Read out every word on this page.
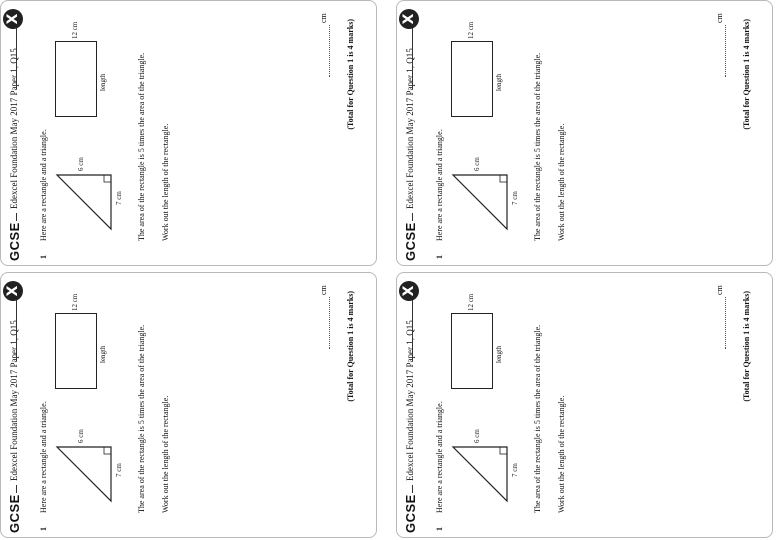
GCSE
Edexcel Foundation May 2017 Paper 1, Q15
X
1
Here are a rectangle and a triangle.	6 cm
7 cm
12 cm
length	The area of the rectangle is 5 times the area of the triangle. Work out the length of the rectangle.
cm
(Total for Question 1 is 4 marks)
GCSE
Edexcel Foundation May 2017 Paper 1, Q15
X
1
Here are a rectangle and a triangle.	6 cm
7 cm
12 cm
length	The area of the rectangle is 5 times the area of the triangle. Work out the length of the rectangle.
cm
(Total for Question 1 is 4 marks)
GCSE
Edexcel Foundation May 2017 Paper 1, Q15
X
1
Here are a rectangle and a triangle.	6 cm
7 cm
12 cm
length	The area of the rectangle is 5 times the area of the triangle. Work out the length of the rectangle.
cm
(Total for Question 1 is 4 marks)
GCSE
Edexcel Foundation May 2017 Paper 1, Q15
X
1
Here are a rectangle and a triangle.	6 cm
7 cm
12 cm
length	The area of the rectangle is 5 times the area of the triangle. Work out the length of the rectangle.
cm
(Total for Question 1 is 4 marks)
